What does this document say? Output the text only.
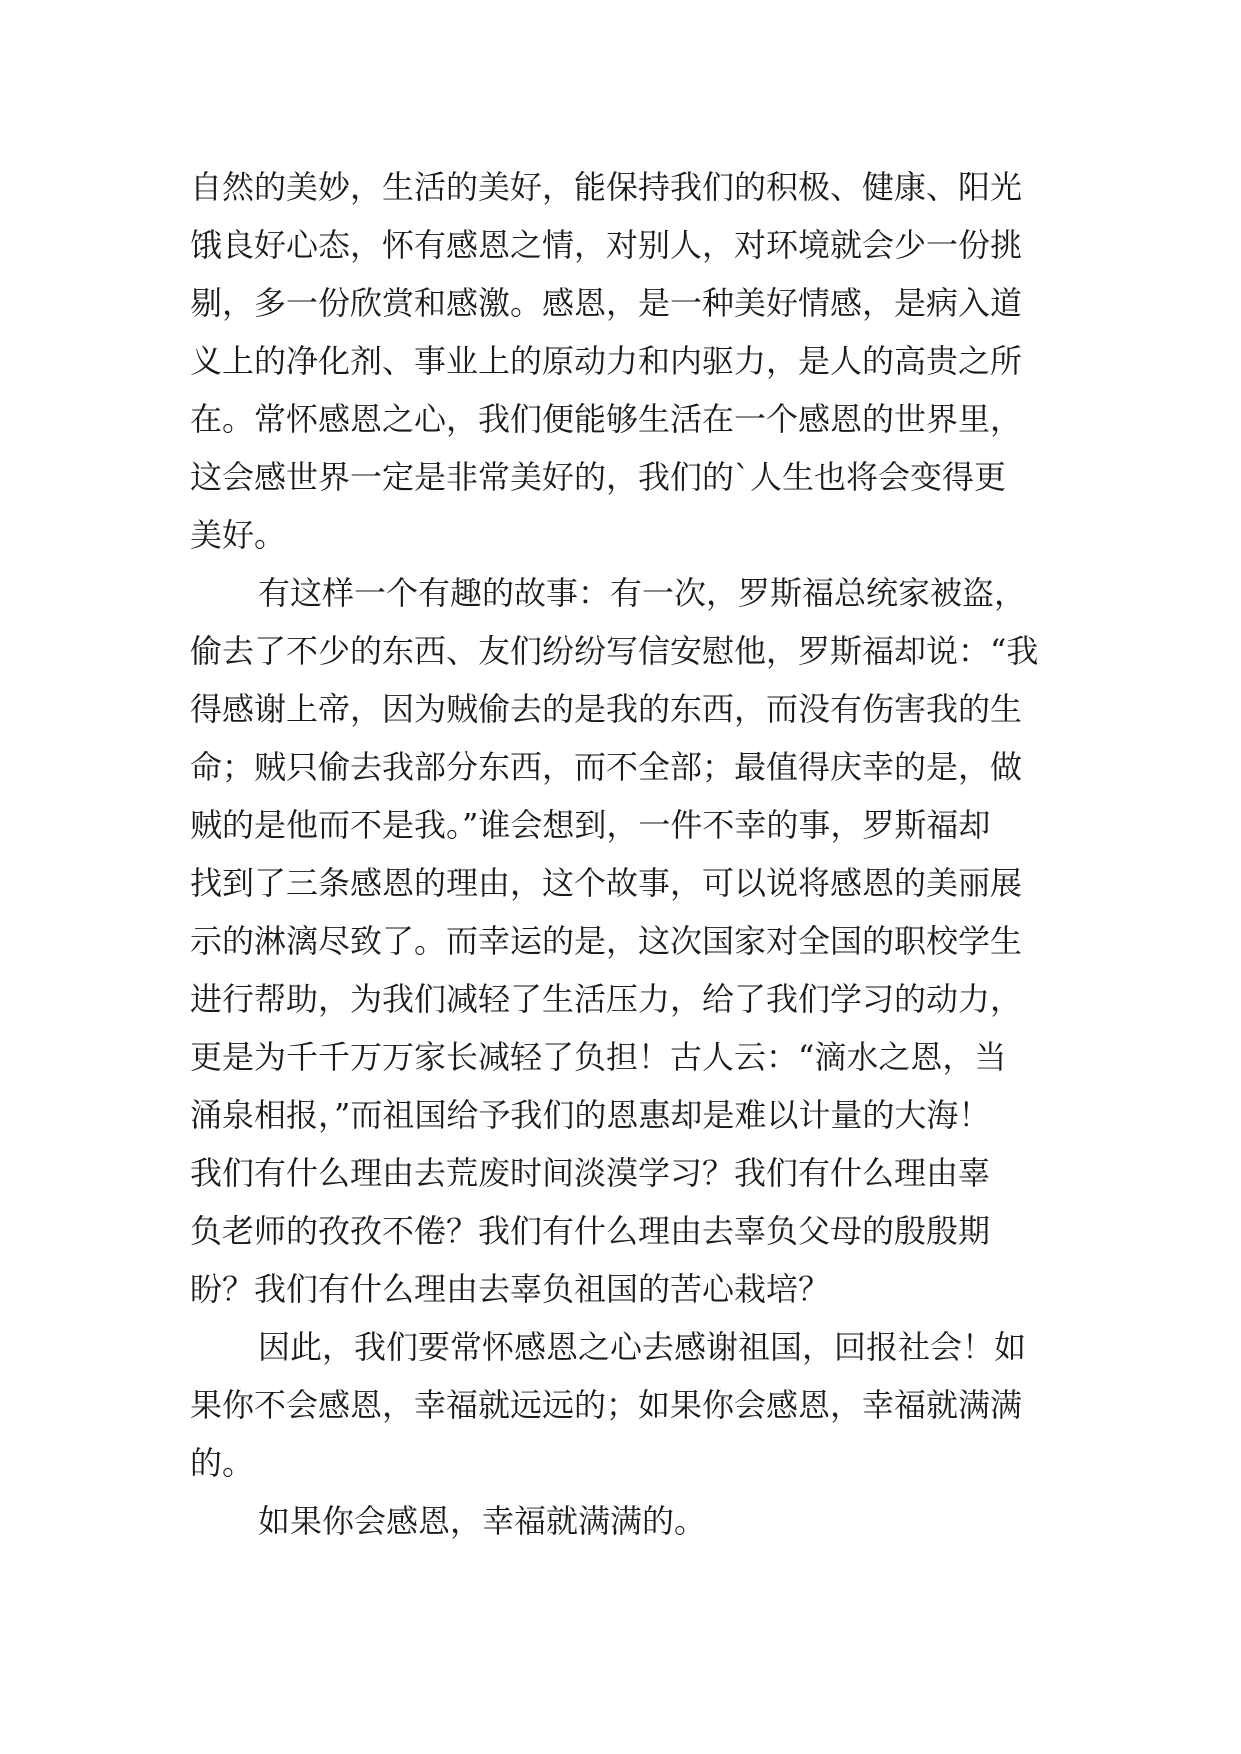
自然的美妙，生活的美好，能保持我们的积极、健康、阳光
饿良好心态，怀有感恩之情，对别人，对环境就会少一份挑
剔，多一份欣赏和感激。感恩，是一种美好情感，是病入道
义上的净化剂、事业上的原动力和内驱力，是人的高贵之所
在。常怀感恩之心，我们便能够生活在一个感恩的世界里，
这会感世界一定是非常美好的，我们的`人生也将会变得更
美好。
有这样一个有趣的故事：有一次，罗斯福总统家被盗，
偷去了不少的东西、友们纷纷写信安慰他，罗斯福却说：“我
得感谢上帝，因为贼偷去的是我的东西，而没有伤害我的生
命；贼只偷去我部分东西，而不全部；最值得庆幸的是，做
贼的是他而不是我。”谁会想到，一件不幸的事，罗斯福却
找到了三条感恩的理由，这个故事，可以说将感恩的美丽展
示的淋漓尽致了。而幸运的是，这次国家对全国的职校学生
进行帮助，为我们减轻了生活压力，给了我们学习的动力，
更是为千千万万家长减轻了负担！古人云：“滴水之恩，当
涌泉相报，”而祖国给予我们的恩惠却是难以计量的大海！
我们有什么理由去荒废时间淡漠学习？我们有什么理由辜
负老师的孜孜不倦？我们有什么理由去辜负父母的殷殷期
盼？我们有什么理由去辜负祖国的苦心栽培？
因此，我们要常怀感恩之心去感谢祖国，回报社会！如
果你不会感恩，幸福就远远的；如果你会感恩，幸福就满满
的。
如果你会感恩，幸福就满满的。
